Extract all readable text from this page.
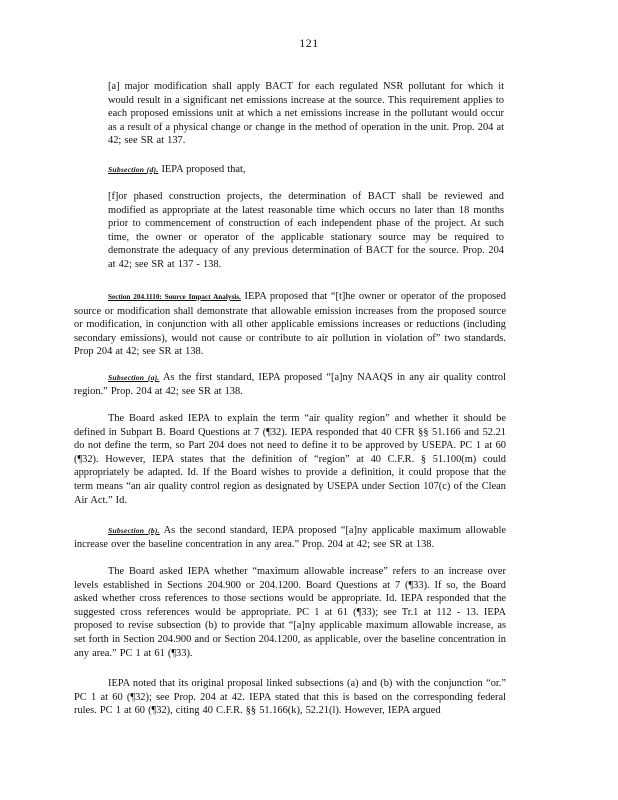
121
[a] major modification shall apply BACT for each regulated NSR pollutant for which it would result in a significant net emissions increase at the source. This requirement applies to each proposed emissions unit at which a net emissions increase in the pollutant would occur as a result of a physical change or change in the method of operation in the unit. Prop. 204 at 42; see SR at 137.
Subsection (d). IEPA proposed that,
[f]or phased construction projects, the determination of BACT shall be reviewed and modified as appropriate at the latest reasonable time which occurs no later than 18 months prior to commencement of construction of each independent phase of the project. At such time, the owner or operator of the applicable stationary source may be required to demonstrate the adequacy of any previous determination of BACT for the source. Prop. 204 at 42; see SR at 137 - 138.
Section 204.1110: Source Impact Analysis. IEPA proposed that “[t]he owner or operator of the proposed source or modification shall demonstrate that allowable emission increases from the proposed source or modification, in conjunction with all other applicable emissions increases or reductions (including secondary emissions), would not cause or contribute to air pollution in violation of” two standards. Prop 204 at 42; see SR at 138.
Subsection (a). As the first standard, IEPA proposed “[a]ny NAAQS in any air quality control region.” Prop. 204 at 42; see SR at 138.
The Board asked IEPA to explain the term “air quality region” and whether it should be defined in Subpart B. Board Questions at 7 (¶32). IEPA responded that 40 CFR §§ 51.166 and 52.21 do not define the term, so Part 204 does not need to define it to be approved by USEPA. PC 1 at 60 (¶32). However, IEPA states that the definition of “region” at 40 C.F.R. § 51.100(m) could appropriately be adapted. Id. If the Board wishes to provide a definition, it could propose that the term means “an air quality control region as designated by USEPA under Section 107(c) of the Clean Air Act.” Id.
Subsection (b). As the second standard, IEPA proposed “[a]ny applicable maximum allowable increase over the baseline concentration in any area.” Prop. 204 at 42; see SR at 138.
The Board asked IEPA whether “maximum allowable increase” refers to an increase over levels established in Sections 204.900 or 204.1200. Board Questions at 7 (¶33). If so, the Board asked whether cross references to those sections would be appropriate. Id. IEPA responded that the suggested cross references would be appropriate. PC 1 at 61 (¶33); see Tr.1 at 112 - 13. IEPA proposed to revise subsection (b) to provide that “[a]ny applicable maximum allowable increase, as set forth in Section 204.900 and or Section 204.1200, as applicable, over the baseline concentration in any area.” PC 1 at 61 (¶33).
IEPA noted that its original proposal linked subsections (a) and (b) with the conjunction “or.” PC 1 at 60 (¶32); see Prop. 204 at 42. IEPA stated that this is based on the corresponding federal rules. PC 1 at 60 (¶32), citing 40 C.F.R. §§ 51.166(k), 52.21(l). However, IEPA argued
